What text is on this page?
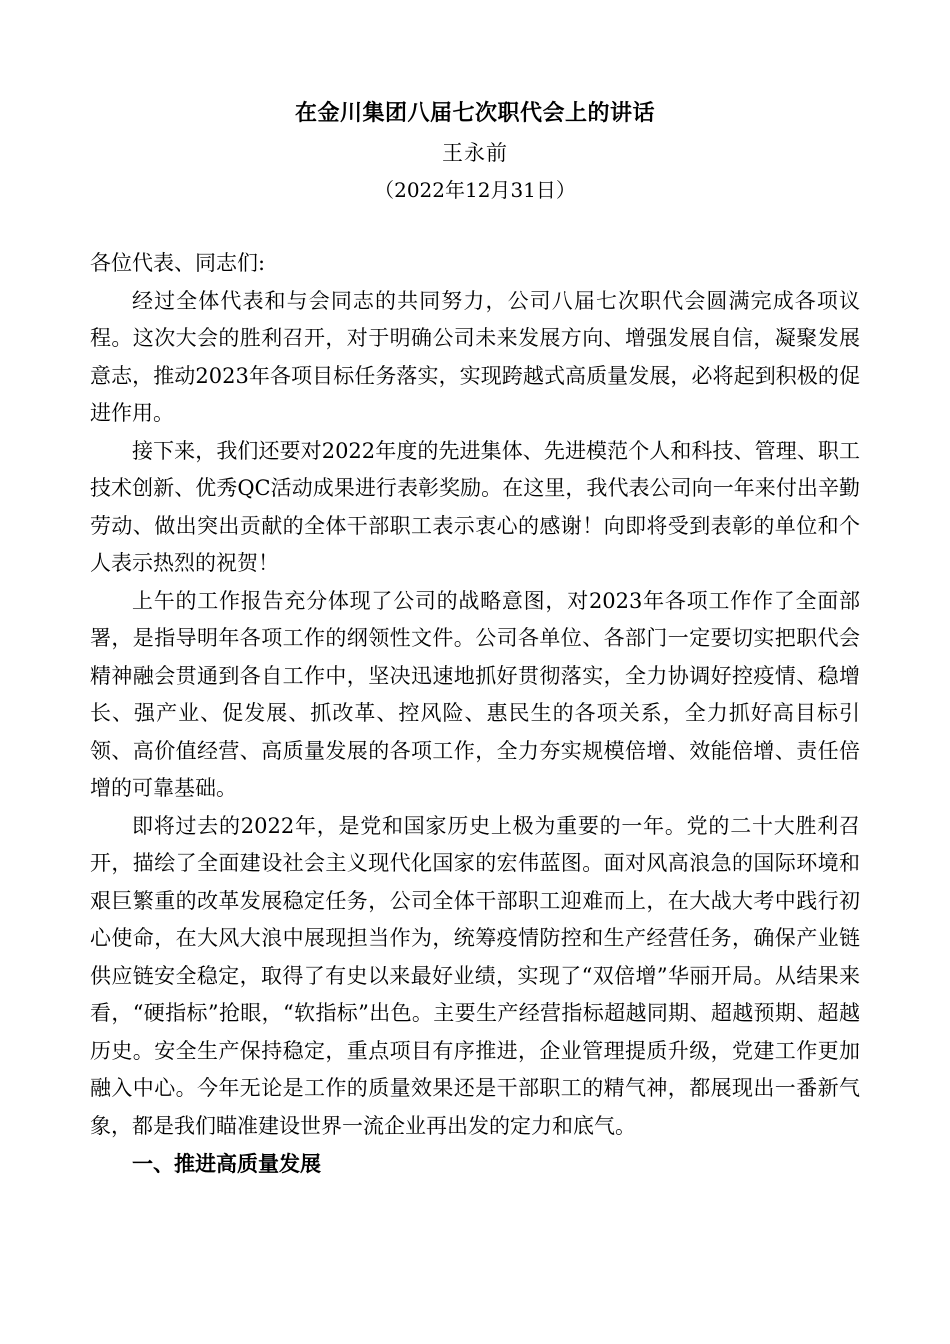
在金川集团八届七次职代会上的讲话
王永前
（2022年12月31日）

各位代表、同志们:

经过全体代表和与会同志的共同努力，公司八届七次职代会圆满完成各项议程。这次大会的胜利召开，对于明确公司未来发展方向、增强发展自信，凝聚发展意志，推动2023年各项目标任务落实，实现跨越式高质量发展，必将起到积极的促进作用。

接下来，我们还要对2022年度的先进集体、先进模范个人和科技、管理、职工技术创新、优秀QC活动成果进行表彰奖励。在这里，我代表公司向一年来付出辛勤劳动、做出突出贡献的全体干部职工表示衷心的感谢！向即将受到表彰的单位和个人表示热烈的祝贺！

上午的工作报告充分体现了公司的战略意图，对2023年各项工作作了全面部署，是指导明年各项工作的纲领性文件。公司各单位、各部门一定要切实把职代会精神融会贯通到各自工作中，坚决迅速地抓好贯彻落实，全力协调好控疫情、稳增长、强产业、促发展、抓改革、控风险、惠民生的各项关系，全力抓好高目标引领、高价值经营、高质量发展的各项工作，全力夯实规模倍增、效能倍增、责任倍增的可靠基础。

即将过去的2022年，是党和国家历史上极为重要的一年。党的二十大胜利召开，描绘了全面建设社会主义现代化国家的宏伟蓝图。面对风高浪急的国际环境和艰巨繁重的改革发展稳定任务，公司全体干部职工迎难而上，在大战大考中践行初心使命，在大风大浪中展现担当作为，统筹疫情防控和生产经营任务，确保产业链供应链安全稳定，取得了有史以来最好业绩，实现了“双倍增”华丽开局。从结果来看，“硬指标”抢眼，“软指标”出色。主要生产经营指标超越同期、超越预期、超越历史。安全生产保持稳定，重点项目有序推进，企业管理提质升级，党建工作更加融入中心。今年无论是工作的质量效果还是干部职工的精气神，都展现出一番新气象，都是我们瞄准建设世界一流企业再出发的定力和底气。

一、推进高质量发展
